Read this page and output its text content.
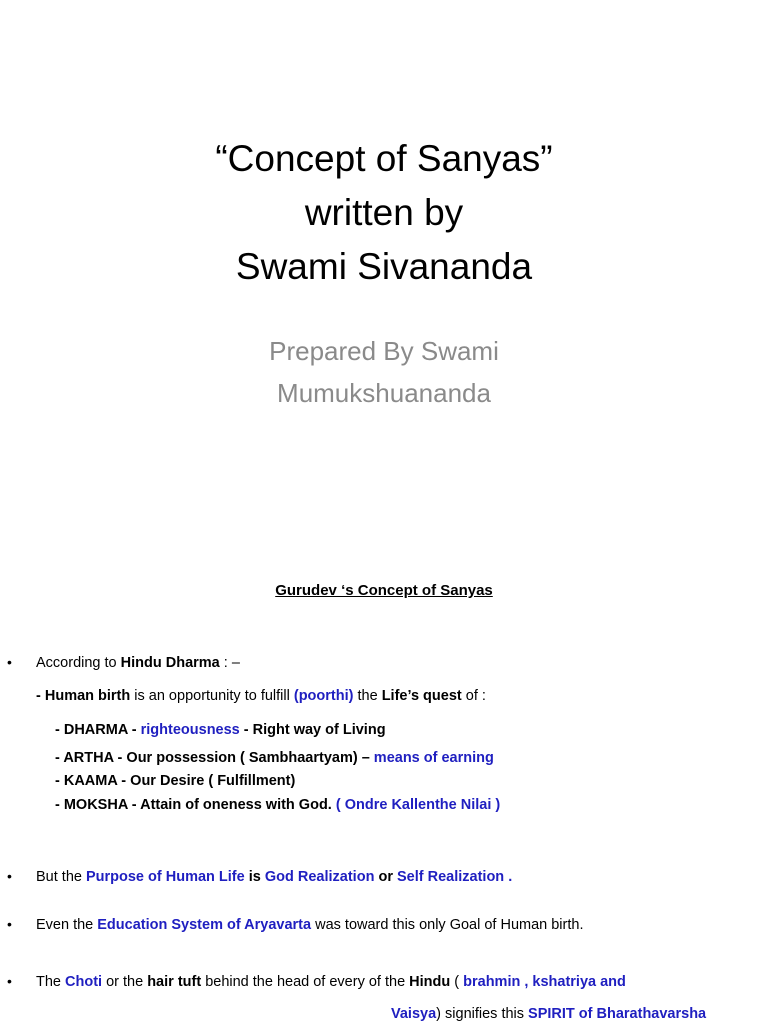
“Concept of Sanyas”
written by
Swami Sivananda
Prepared By Swami
Mumukshuananda
Gurudev ‘s Concept of Sanyas
• According to Hindu Dharma : –
- Human birth is an opportunity to fulfill (poorthi) the Life’s quest of :
- DHARMA - righteousness - Right way of Living
- ARTHA - Our possession ( Sambhaartyam) – means of earning
- KAAMA - Our Desire ( Fulfillment)
- MOKSHA - Attain of oneness with God. ( Ondre Kallenthe Nilai )
• But the Purpose of Human Life is God Realization or Self Realization .
• Even the Education System of Aryavarta was toward this only Goal of Human birth.
• The Choti or the hair tuft behind the head of every of the Hindu ( brahmin , kshatriya and
Vaisya) signifies this SPIRIT of Bharathavarsha
